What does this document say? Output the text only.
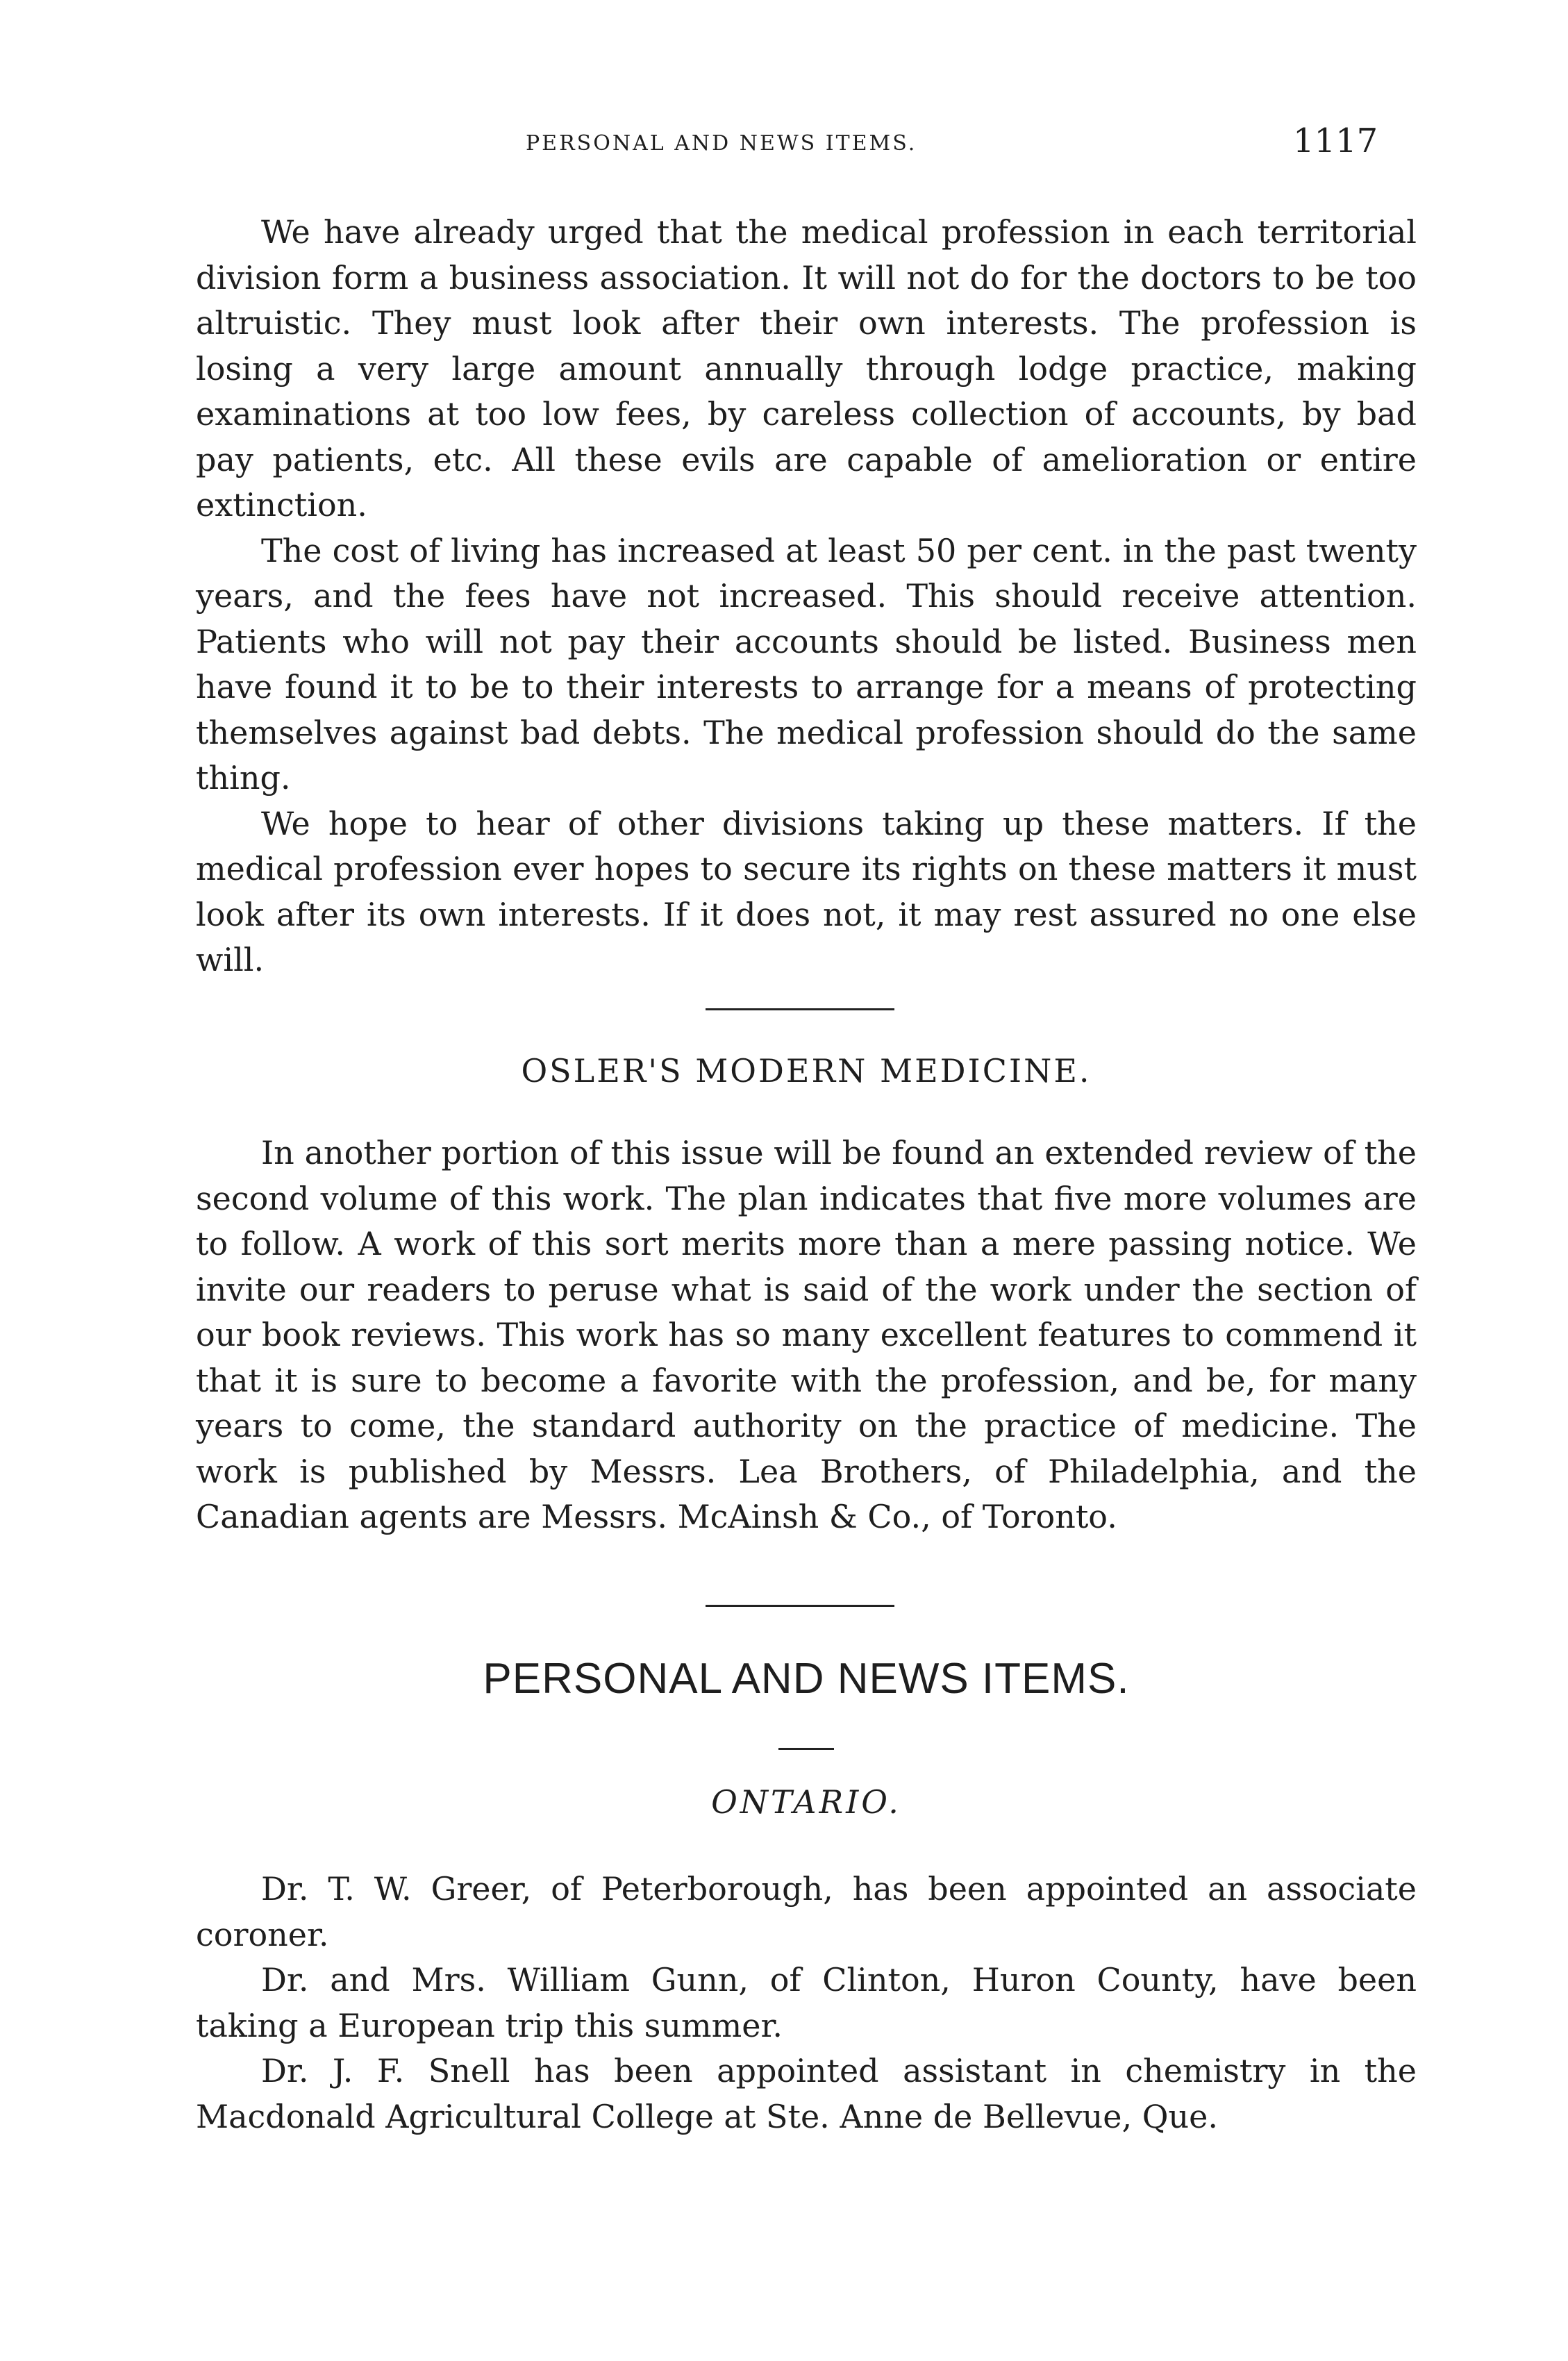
PERSONAL AND NEWS ITEMS.	1117

We have already urged that the medical profession in each territorial division form a business association. It will not do for the doctors to be too altruistic. They must look after their own interests. The profession is losing a very large amount annually through lodge practice, making examinations at too low fees, by careless collection of accounts, by bad pay patients, etc. All these evils are capable of amelioration or entire extinction.

The cost of living has increased at least 50 per cent. in the past twenty years, and the fees have not increased. This should receive attention. Patients who will not pay their accounts should be listed. Business men have found it to be to their interests to arrange for a means of protecting themselves against bad debts. The medical profession should do the same thing.

We hope to hear of other divisions taking up these matters. If the medical profession ever hopes to secure its rights on these matters it must look after its own interests. If it does not, it may rest assured no one else will.

OSLER'S MODERN MEDICINE.

In another portion of this issue will be found an extended review of the second volume of this work. The plan indicates that five more volumes are to follow. A work of this sort merits more than a mere passing notice. We invite our readers to peruse what is said of the work under the section of our book reviews. This work has so many excellent features to commend it that it is sure to become a favorite with the profession, and be, for many years to come, the standard authority on the practice of medicine. The work is published by Messrs. Lea Brothers, of Philadelphia, and the Canadian agents are Messrs. McAinsh & Co., of Toronto.

PERSONAL AND NEWS ITEMS.
ONTARIO.

Dr. T. W. Greer, of Peterborough, has been appointed an associate coroner.

Dr. and Mrs. William Gunn, of Clinton, Huron County, have been taking a European trip this summer.

Dr. J. F. Snell has been appointed assistant in chemistry in the Macdonald Agricultural College at Ste. Anne de Bellevue, Que.
